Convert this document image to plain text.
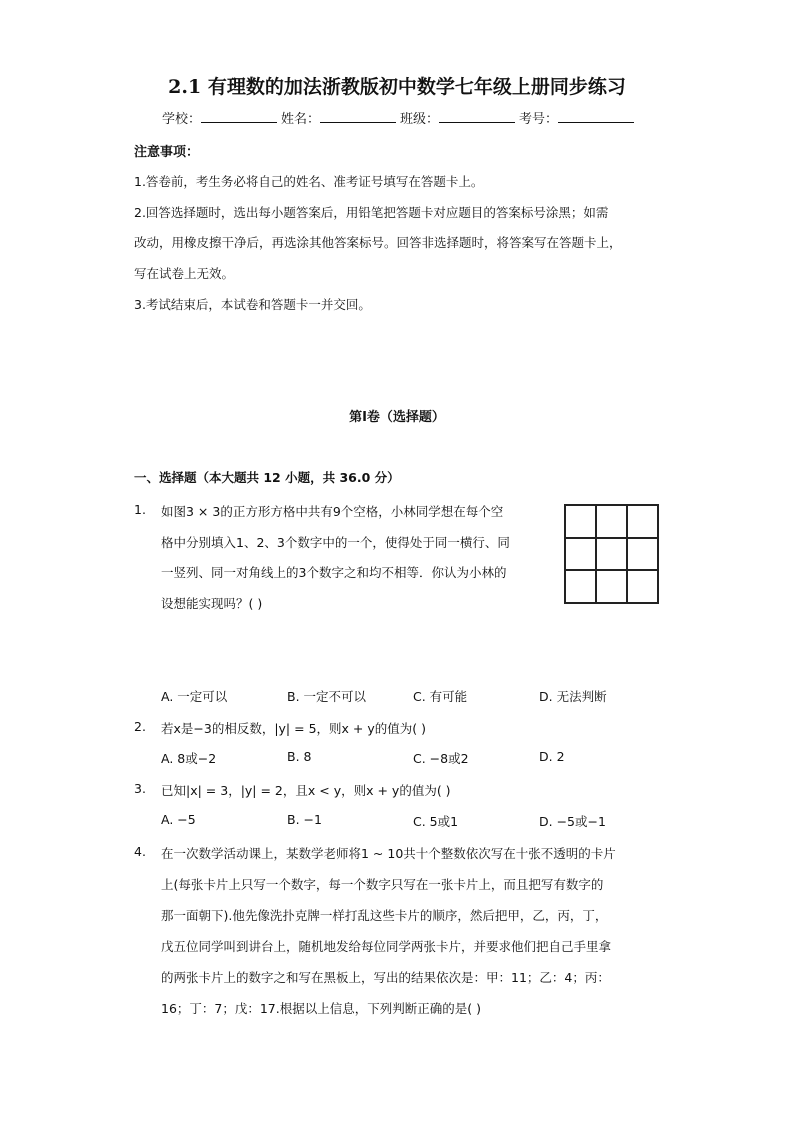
2.1 有理数的加法浙教版初中数学七年级上册同步练习
学校：	姓名：	班级：	考号：
注意事项：
1.答卷前，考生务必将自己的姓名、准考证号填写在答题卡上。
2.回答选择题时，选出每小题答案后，用铅笔把答题卡对应题目的答案标号涂黑；如需
改动，用橡皮擦干净后，再选涂其他答案标号。回答非选择题时，将答案写在答题卡上，
写在试卷上无效。
3.考试结束后，本试卷和答题卡一并交回。
第Ⅰ卷（选择题）
一、选择题（本大题共 12 小题，共 36.0 分）
1. 如图3 × 3的正方形方格中共有9个空格，小林同学想在每个空
格中分别填入1、2、3个数字中的一个，使得处于同一横行、同
一竖列、同一对角线上的3个数字之和均不相等．你认为小林的
设想能实现吗？( )
A. 一定可以	B. 一定不可以	C. 有可能	D. 无法判断
2. 若x是−3的相反数，|y| = 5，则x + y的值为( )
A. 8或−2	B. 8	C. −8或2	D. 2
3. 已知|x| = 3，|y| = 2，且x < y，则x + y的值为( )
A. −5	B. −1	C. 5或1	D. −5或−1
4. 在一次数学活动课上，某数学老师将1 ~ 10共十个整数依次写在十张不透明的卡片
上(每张卡片上只写一个数字，每一个数字只写在一张卡片上，而且把写有数字的
那一面朝下).他先像洗扑克牌一样打乱这些卡片的顺序，然后把甲，乙，丙，丁，
戊五位同学叫到讲台上，随机地发给每位同学两张卡片，并要求他们把自己手里拿
的两张卡片上的数字之和写在黑板上，写出的结果依次是：甲：11；乙：4；丙：
16；丁：7；戊：17.根据以上信息，下列判断正确的是( )
